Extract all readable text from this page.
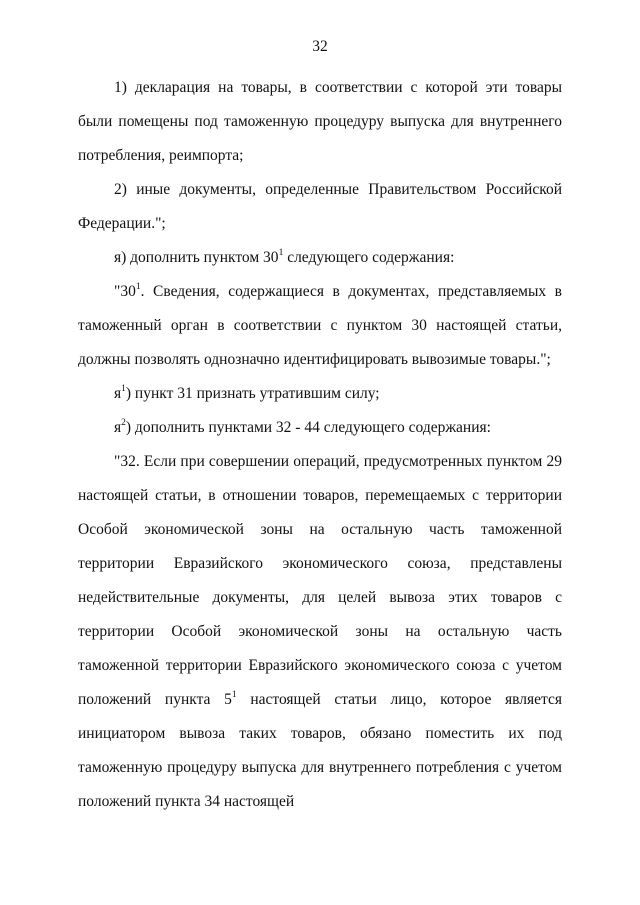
32

1) декларация на товары, в соответствии с которой эти товары были помещены под таможенную процедуру выпуска для внутреннего потребления, реимпорта;

2) иные документы, определенные Правительством Российской Федерации.";

я) дополнить пунктом $30^1$ следующего содержания:

"$30^1$. Сведения, содержащиеся в документах, представляемых в таможенный орган в соответствии с пунктом 30 настоящей статьи, должны позволять однозначно идентифицировать вывозимые товары.";

$я^1$) пункт 31 признать утратившим силу;

$я^2$) дополнить пунктами 32 - 44 следующего содержания:

"32. Если при совершении операций, предусмотренных пунктом 29 настоящей статьи, в отношении товаров, перемещаемых с территории Особой экономической зоны на остальную часть таможенной территории Евразийского экономического союза, представлены недействительные документы, для целей вывоза этих товаров с территории Особой экономической зоны на остальную часть таможенной территории Евразийского экономического союза с учетом положений пункта $5^1$ настоящей статьи лицо, которое является инициатором вывоза таких товаров, обязано поместить их под таможенную процедуру выпуска для внутреннего потребления с учетом положений пункта 34 настоящей
